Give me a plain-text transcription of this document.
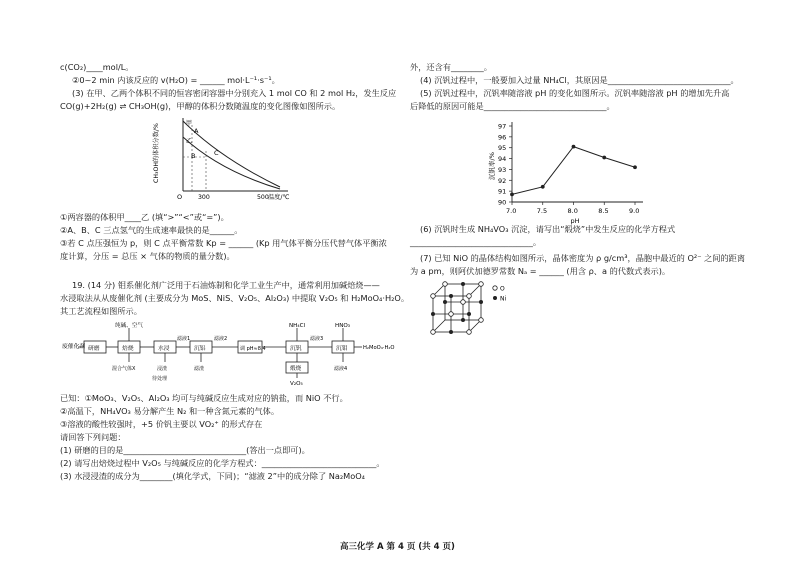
c(CO₂)____mol/L。
②0~2 min 内该反应的 v(H₂O) = ______ mol·L⁻¹·s⁻¹。
(3) 在甲、乙两个体积不同的恒容密闭容器中分别充入 1 mol CO 和 2 mol H₂，发生反应
CO(g)+2H₂(g) ⇌ CH₃OH(g)，甲醇的体积分数随温度的变化图像如图所示。
CH₃OH的体积分数/%	A
B	C
甲
乙
O	300	500 温度/℃
①两容器的体积甲____乙 (填“>”“<”或“=”)。
②A、B、C 三点氢气的生成速率最快的是______。
③若 C 点压强恒为 p，则 C 点平衡常数 Kp = ______ (Kp 用气体平衡分压代替气体平衡浓
度计算，分压 = 总压 × 气体的物质的量分数)。
19. (14 分) 钼系催化剂广泛用于石油炼制和化学工业生产中，通常利用加碱焙烧——
水浸取法从从废催化剂 (主要成分为 MoS、NiS、V₂O₅、Al₂O₃) 中提取 V₂O₅ 和 H₂MoO₄·H₂O。
其工艺流程如图所示。
废催化剂 研磨	焙烧	水浸	沉铝	调 pH≈8.4	沉钒	沉钼
纯碱、空气	NH₄Cl	HNO₃
滤液1	滤液2	滤液3
滤液4
混合气体X	浸渣	滤渣
待处理
煅烧
V₂O₅
H₂MoO₄·H₂O
已知：①MoO₃、V₂O₅、Al₂O₃ 均可与纯碱反应生成对应的钠盐，而 NiO 不行。
②高温下，NH₄VO₃ 易分解产生 N₂ 和一种含氮元素的气体。
③溶液的酸性较强时，+5 价钒主要以 VO₂⁺ 的形式存在
请回答下列问题：
(1) 研磨的目的是______________________________(答出一点即可)。
(2) 请写出焙烧过程中 V₂O₅ 与纯碱反应的化学方程式：____________________________。
(3) 水浸浸渣的成分为________(填化学式，下同)；“滤液 2”中的成分除了 Na₂MoO₄
外，还含有________。
(4) 沉钒过程中，一般要加入过量 NH₄Cl，其原因是______________________________。
(5) 沉钒过程中，沉钒率随溶液 pH 的变化如图所示。沉钒率随溶液 pH 的增加先升高
后降低的原因可能是______________________________。
90
91
92
93
94
95
96
97
7.0	7.5	8.0	8.5	9.0
沉钒率/%
pH
(6) 沉钒时生成 NH₄VO₃ 沉淀，请写出“煅烧”中发生反应的化学方程式
______________________________。
(7) 已知 NiO 的晶体结构如图所示，晶体密度为 ρ g/cm³，晶胞中最近的 O²⁻ 之间的距离
为 a pm，则阿伏加德罗常数 Nₐ = ______ (用含 ρ、a 的代数式表示)。
O
Ni
高三化学 A 第 4 页 (共 4 页)
